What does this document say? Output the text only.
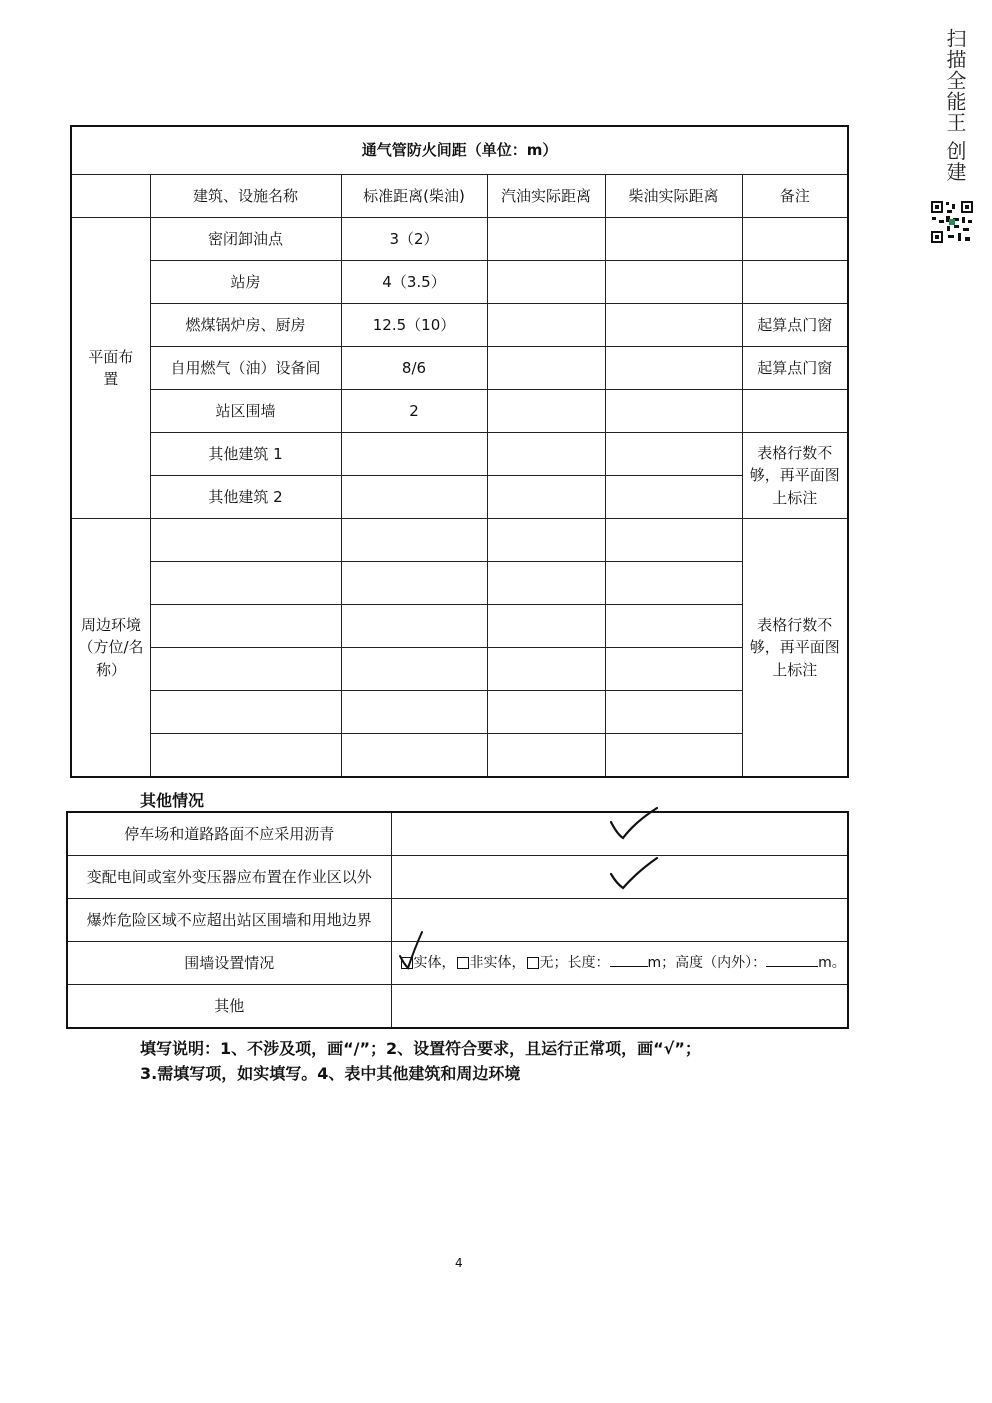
扫描全能王 创建
通气管防火间距（单位：m）					
	建筑、设施名称	标准距离(柴油)	汽油实际距离	柴油实际距离	备注

平面布置	密闭卸油点	3（2）			
	站房	4（3.5）			
	燃煤锅炉房、厨房	12.5（10）			起算点门窗
	自用燃气（油）设备间	8/6			起算点门窗
	站区围墙	2			
	其他建筑 1				表格行数不够，再平面图上标注

	其他建筑 2				

周边环境（方位/名称）					表格行数不够，再平面图上标注

其他情况
停车场和道路路面不应采用沥青	
变配电间或室外变压器应布置在作业区以外	
爆炸危险区域不应超出站区围墙和用地边界	
围墙设置情况	实体， 非实体， 无；长度： m；高度（内外）： m。
其他	
填写说明：1、不涉及项，画“/”；2、设置符合要求，且运行正常项，画“√”；
3.需填写项，如实填写。4、表中其他建筑和周边环境
4
